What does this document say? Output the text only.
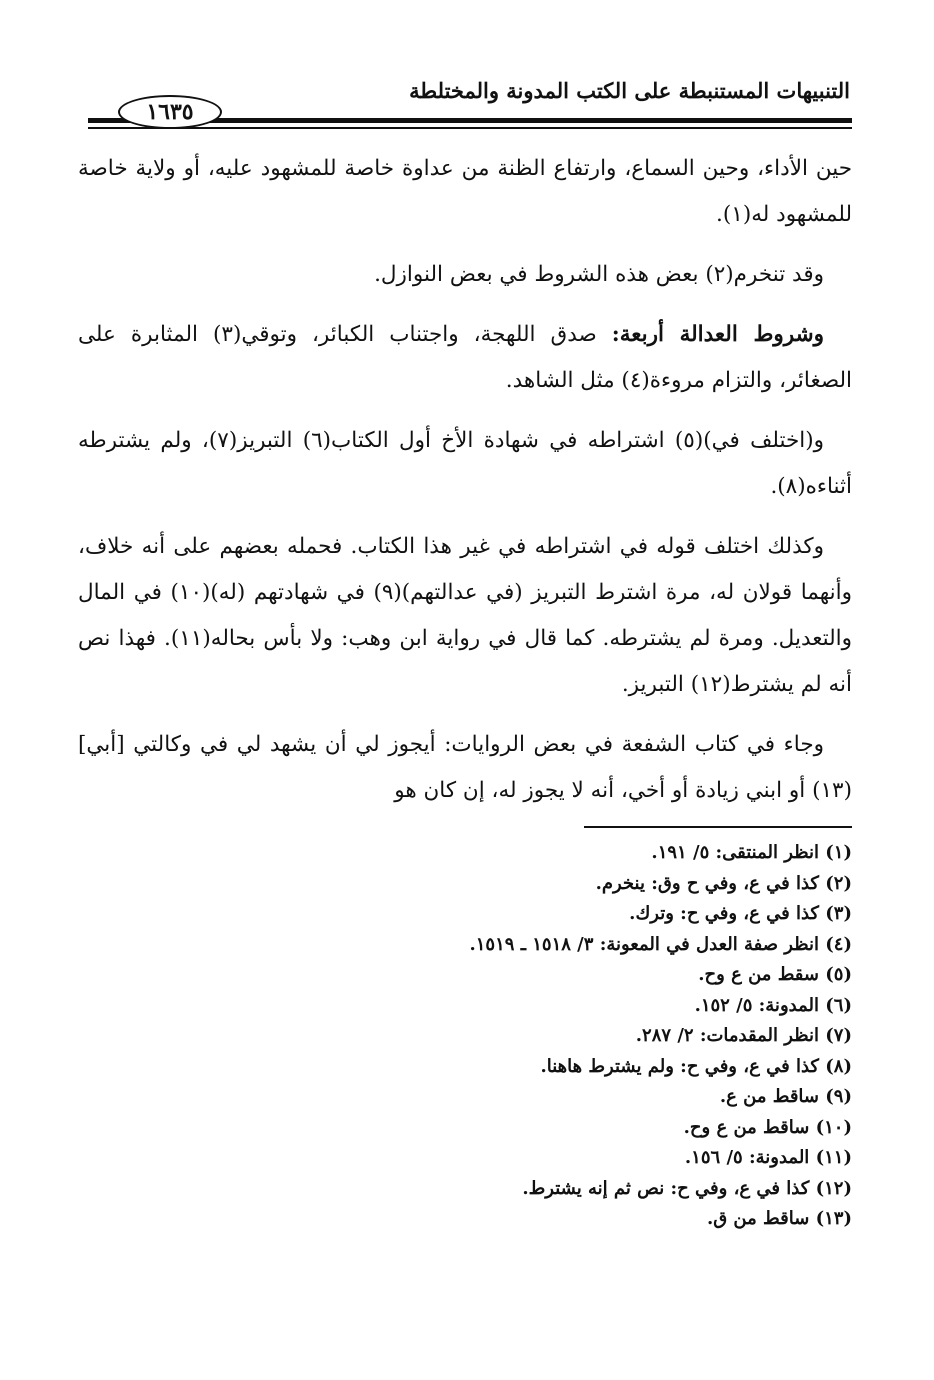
التنبيهات المستنبطة على الكتب المدونة والمختلطة
١٦٣٥

حين الأداء، وحين السماع، وارتفاع الظنة من عداوة خاصة للمشهود عليه، أو ولاية خاصة للمشهود له(١).

وقد تنخرم(٢) بعض هذه الشروط في بعض النوازل.

وشروط العدالة أربعة: صدق اللهجة، واجتناب الكبائر، وتوقي(٣) المثابرة على الصغائر، والتزام مروءة(٤) مثل الشاهد.

و(اختلف في)(٥) اشتراطه في شهادة الأخ أول الكتاب(٦) التبريز(٧)، ولم يشترطه أثناءه(٨).

وكذلك اختلف قوله في اشتراطه في غير هذا الكتاب. فحمله بعضهم على أنه خلاف، وأنهما قولان له، مرة اشترط التبريز (في عدالتهم)(٩) في شهادتهم (له)(١٠) في المال والتعديل. ومرة لم يشترطه. كما قال في رواية ابن وهب: ولا بأس بحاله(١١). فهذا نص أنه لم يشترط(١٢) التبريز.

وجاء في كتاب الشفعة في بعض الروايات: أيجوز لي أن يشهد لي في وكالتي [أبي](١٣) أو ابني زيادة أو أخي، أنه لا يجوز له، إن كان هو

(١) انظر المنتقى: ٥/ ١٩١.
(٢) كذا في ع، وفي ح وق: ينخرم.
(٣) كذا في ع، وفي ح: وترك.
(٤) انظر صفة العدل في المعونة: ٣/ ١٥١٨ ـ ١٥١٩.
(٥) سقط من ع وح.
(٦) المدونة: ٥/ ١٥٢.
(٧) انظر المقدمات: ٢/ ٢٨٧.
(٨) كذا في ع، وفي ح: ولم يشترط هاهنا.
(٩) ساقط من ع.
(١٠) ساقط من ع وح.
(١١) المدونة: ٥/ ١٥٦.
(١٢) كذا في ع، وفي ح: نص ثم إنه يشترط.
(١٣) ساقط من ق.
